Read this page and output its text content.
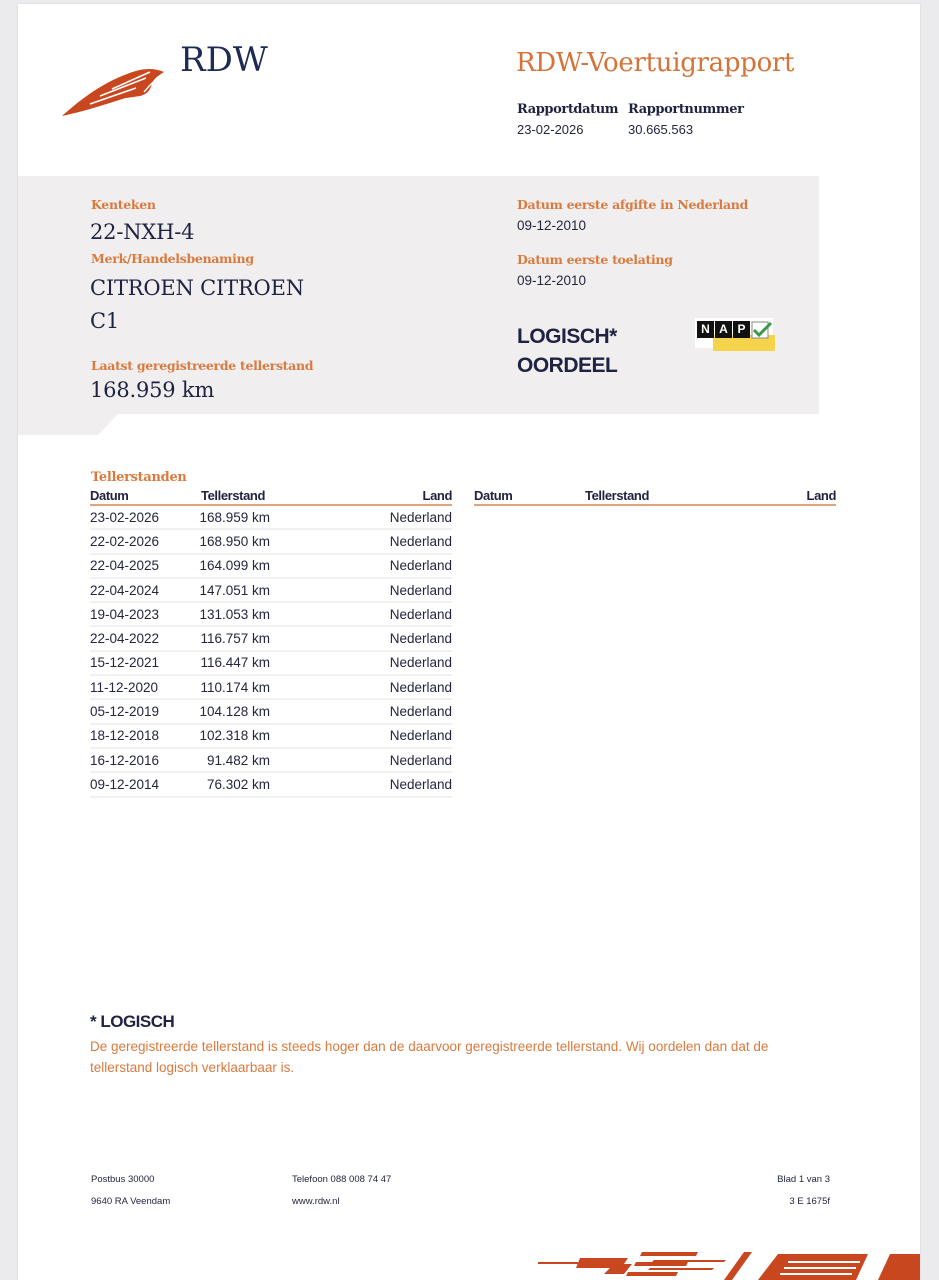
RDW	RDW-Voertuigrapport
Rapportdatum
23-02-2026
Rapportnummer
30.665.563
Kenteken
22-NXH-4
Merk/Handelsbenaming
CITROEN CITROEN
C1
Laatst geregistreerde tellerstand
168.959 km
Datum eerste afgifte in Nederland
09-12-2010
Datum eerste toelating
09-12-2010
LOGISCH*
OORDEEL
N A P
Tellerstanden
Datum	Tellerstand	Land
23-02-2026	168.959 km	Nederland
22-02-2026	168.950 km	Nederland
22-04-2025	164.099 km	Nederland
22-04-2024	147.051 km	Nederland
19-04-2023	131.053 km	Nederland
22-04-2022	116.757 km	Nederland
15-12-2021	116.447 km	Nederland
11-12-2020	110.174 km	Nederland
05-12-2019	104.128 km	Nederland
18-12-2018	102.318 km	Nederland
16-12-2016	91.482 km	Nederland
09-12-2014	76.302 km	Nederland
Datum	Tellerstand	Land
* LOGISCH
De geregistreerde tellerstand is steeds hoger dan de daarvoor geregistreerde tellerstand. Wij oordelen dan dat de tellerstand logisch verklaarbaar is.
Postbus 30000
9640 RA Veendam
Telefoon 088 008 74 47
www.rdw.nl
Blad 1 van 3
3 E 1675f
